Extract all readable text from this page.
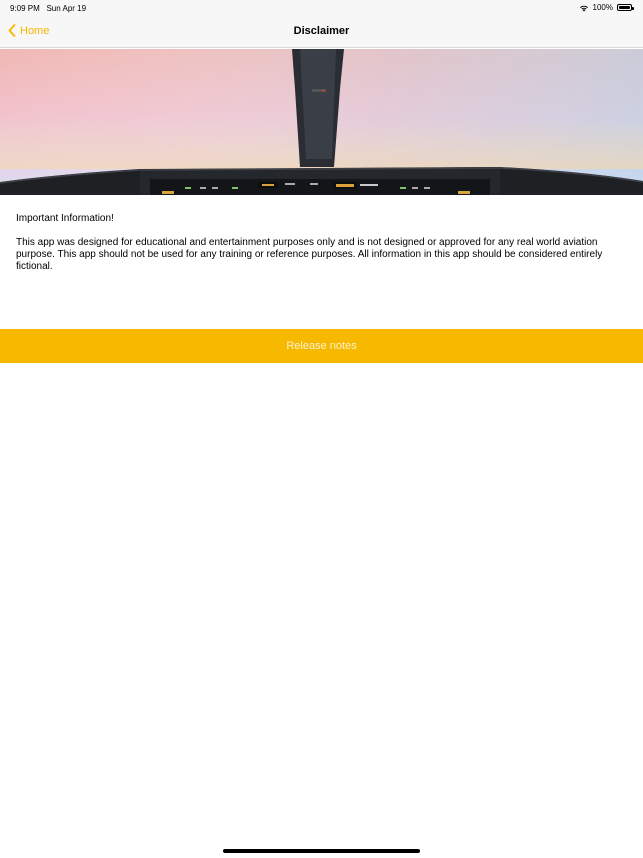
9:09 PM Sun Apr 19	100%
Home	Disclaimer

Important Information!

This app was designed for educational and entertainment purposes only and is not designed or approved for any real world aviation purpose. This app should not be used for any training or reference purposes. All information in this app should be considered entirely fictional.

Release notes
